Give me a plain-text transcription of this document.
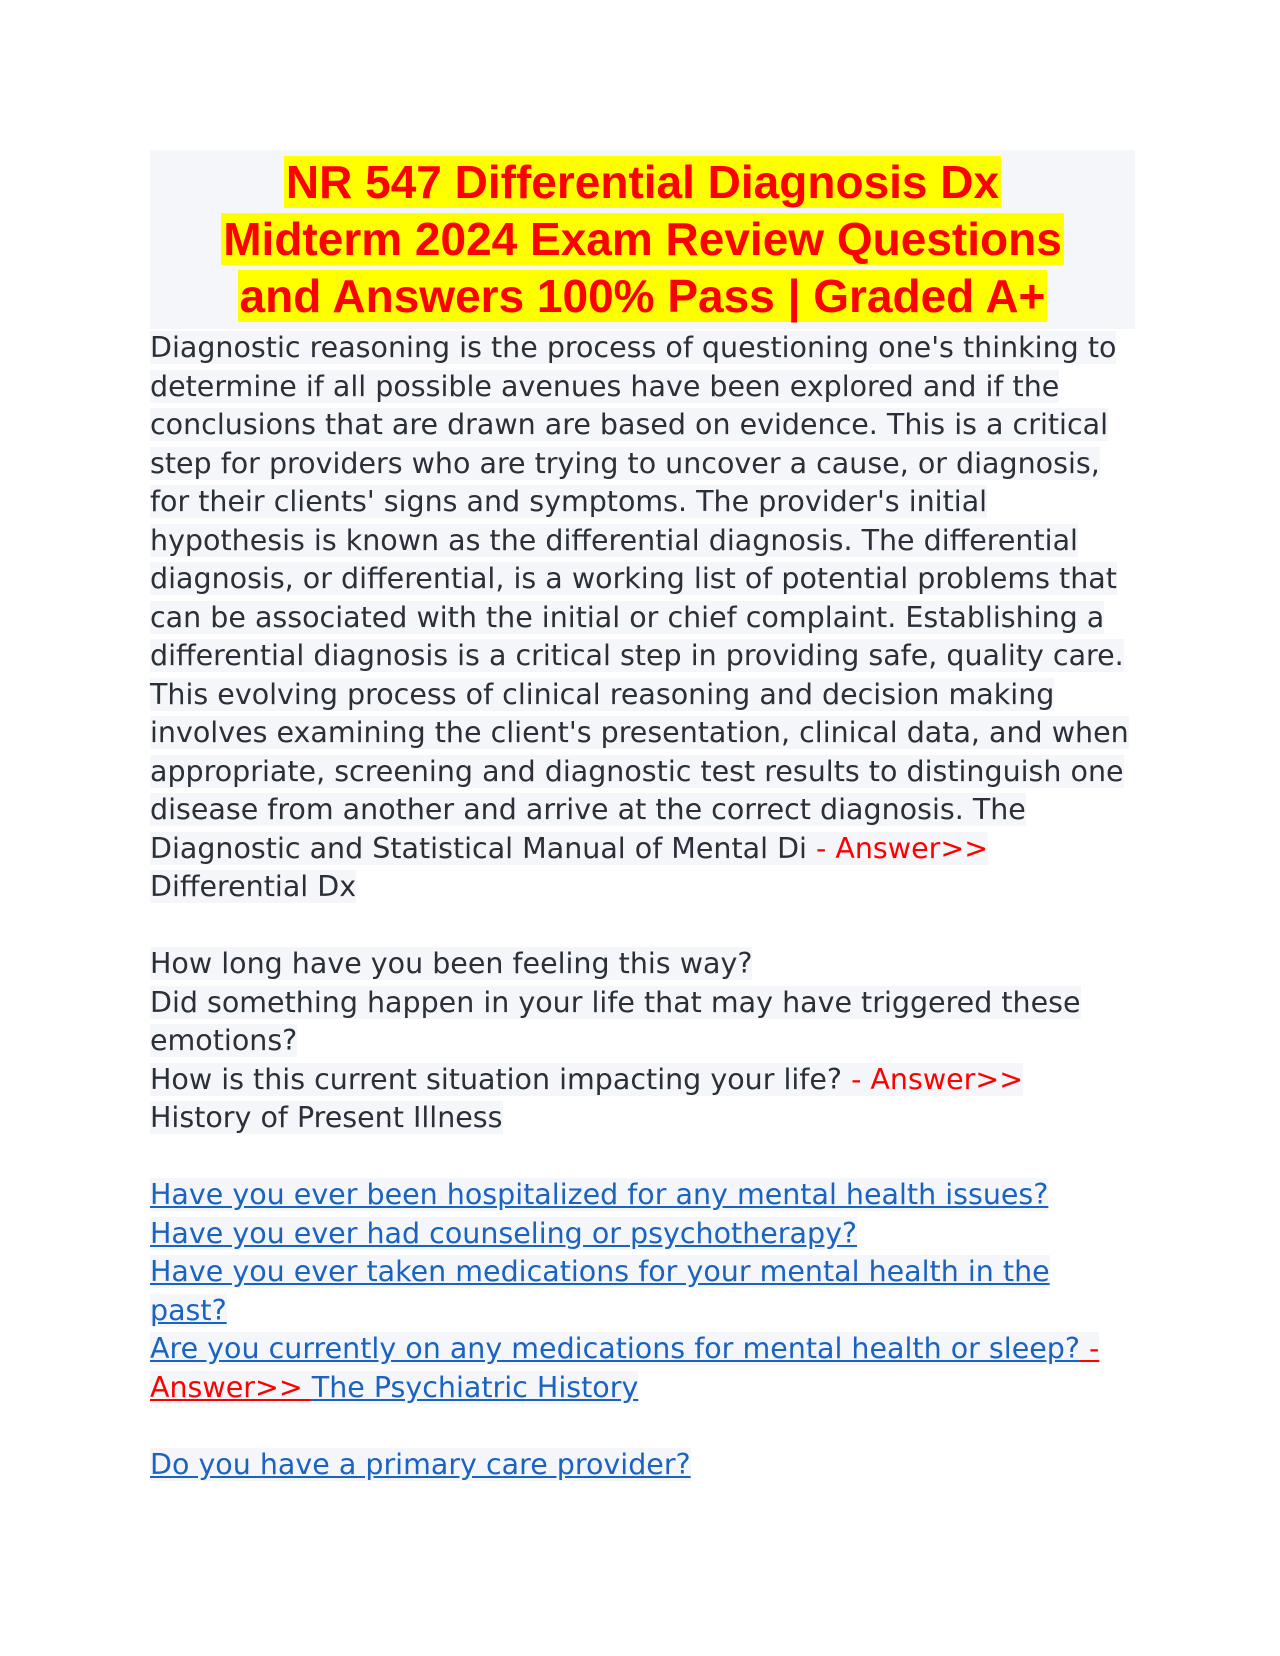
NR 547 Differential Diagnosis Dx
Midterm 2024 Exam Review Questions
and Answers 100% Pass | Graded A+

Diagnostic reasoning is the process of questioning one's thinking to determine if all possible avenues have been explored and if the conclusions that are drawn are based on evidence. This is a critical step for providers who are trying to uncover a cause, or diagnosis, for their clients' signs and symptoms. The provider's initial hypothesis is known as the differential diagnosis. The differential diagnosis, or differential, is a working list of potential problems that can be associated with the initial or chief complaint. Establishing a differential diagnosis is a critical step in providing safe, quality care. This evolving process of clinical reasoning and decision making involves examining the client's presentation, clinical data, and when appropriate, screening and diagnostic test results to distinguish one disease from another and arrive at the correct diagnosis. The Diagnostic and Statistical Manual of Mental Di - Answer>> Differential Dx

How long have you been feeling this way?
Did something happen in your life that may have triggered these emotions?
How is this current situation impacting your life? - Answer>>
History of Present Illness

Have you ever been hospitalized for any mental health issues?
Have you ever had counseling or psychotherapy?
Have you ever taken medications for your mental health in the past?
Are you currently on any medications for mental health or sleep? - Answer>> The Psychiatric History

Do you have a primary care provider?
